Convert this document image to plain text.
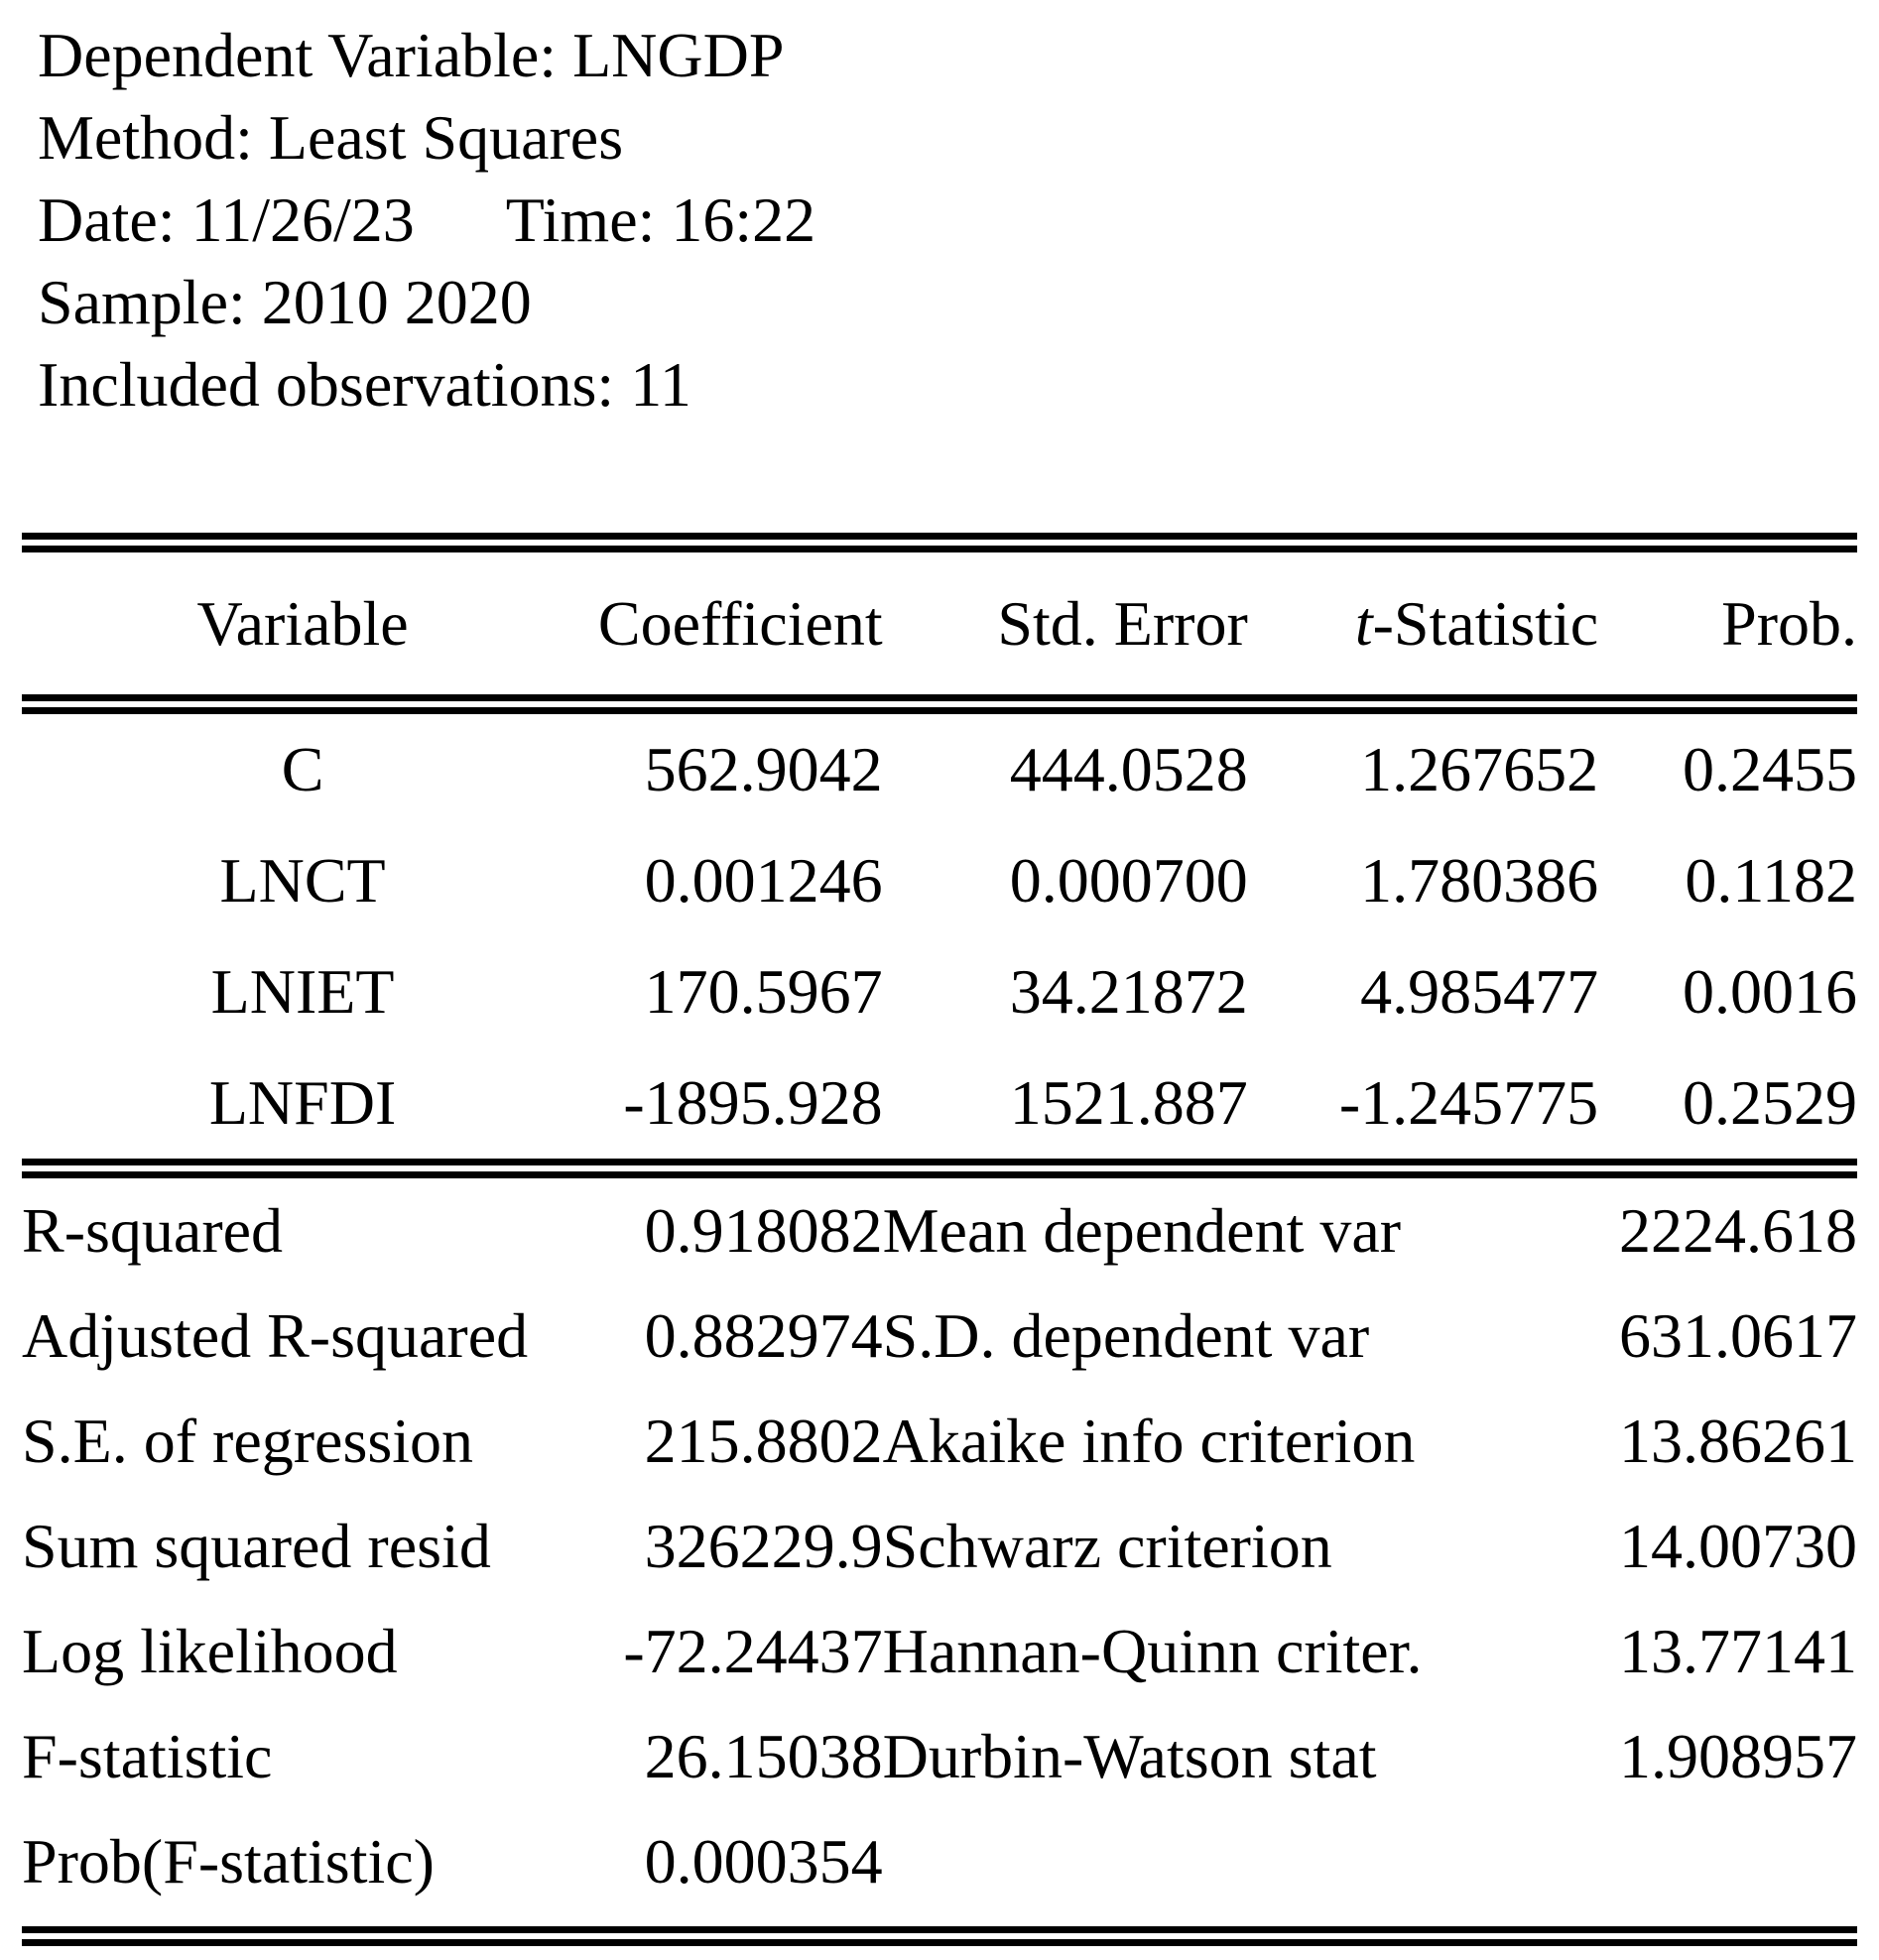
Dependent Variable: LNGDP
Method: Least Squares
Date: 11/26/23 Time: 16:22
Sample: 2010 2020
Included observations: 11
Variable	Coefficient	Std. Error	t-Statistic	Prob.
C	562.9042	444.0528	1.267652	0.2455
LNCT	0.001246	0.000700	1.780386	0.1182
LNIET	170.5967	34.21872	4.985477	0.0016
LNFDI	-1895.928	1521.887	-1.245775	0.2529
R-squared	0.918082	Mean dependent var	2224.618
Adjusted R-squared	0.882974	S.D. dependent var	631.0617
S.E. of regression	215.8802	Akaike info criterion	13.86261
Sum squared resid	326229.9	Schwarz criterion	14.00730
Log likelihood	-72.24437	Hannan-Quinn criter.	13.77141
F-statistic	26.15038	Durbin-Watson stat	1.908957
Prob(F-statistic)	0.000354		
